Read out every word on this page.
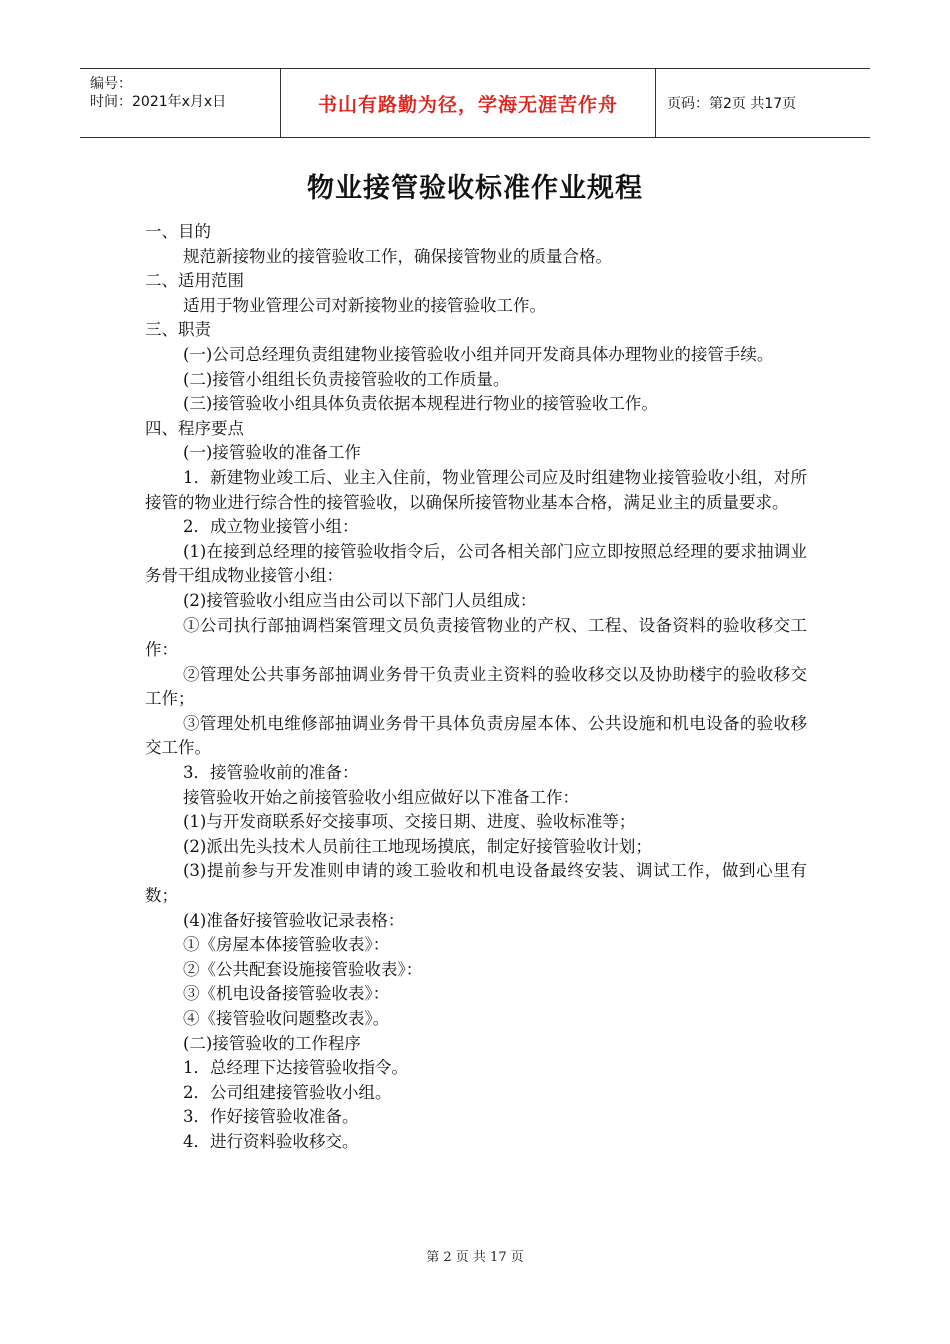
编号：
时间：2021年x月x日	书山有路勤为径，学海无涯苦作舟	页码：第2页 共17页
物业接管验收标准作业规程

一、目的

规范新接物业的接管验收工作，确保接管物业的质量合格。

二、适用范围

适用于物业管理公司对新接物业的接管验收工作。

三、职责

(一)公司总经理负责组建物业接管验收小组并同开发商具体办理物业的接管手续。

(二)接管小组组长负责接管验收的工作质量。

(三)接管验收小组具体负责依据本规程进行物业的接管验收工作。

四、程序要点

(一)接管验收的准备工作

1．新建物业竣工后、业主入住前，物业管理公司应及时组建物业接管验收小组，对所接管的物业进行综合性的接管验收，以确保所接管物业基本合格，满足业主的质量要求。

2．成立物业接管小组：

(1)在接到总经理的接管验收指令后，公司各相关部门应立即按照总经理的要求抽调业务骨干组成物业接管小组：

(2)接管验收小组应当由公司以下部门人员组成：

①公司执行部抽调档案管理文员负责接管物业的产权、工程、设备资料的验收移交工作：

②管理处公共事务部抽调业务骨干负责业主资料的验收移交以及协助楼宇的验收移交工作；

③管理处机电维修部抽调业务骨干具体负责房屋本体、公共设施和机电设备的验收移交工作。

3．接管验收前的准备：

接管验收开始之前接管验收小组应做好以下准备工作：

(1)与开发商联系好交接事项、交接日期、进度、验收标准等；

(2)派出先头技术人员前往工地现场摸底，制定好接管验收计划；

(3)提前参与开发准则申请的竣工验收和机电设备最终安装、调试工作，做到心里有数；

(4)准备好接管验收记录表格：

①《房屋本体接管验收表》：

②《公共配套设施接管验收表》：

③《机电设备接管验收表》：

④《接管验收问题整改表》。

(二)接管验收的工作程序

1．总经理下达接管验收指令。

2．公司组建接管验收小组。

3．作好接管验收准备。

4．进行资料验收移交。

第 2 页 共 17 页
